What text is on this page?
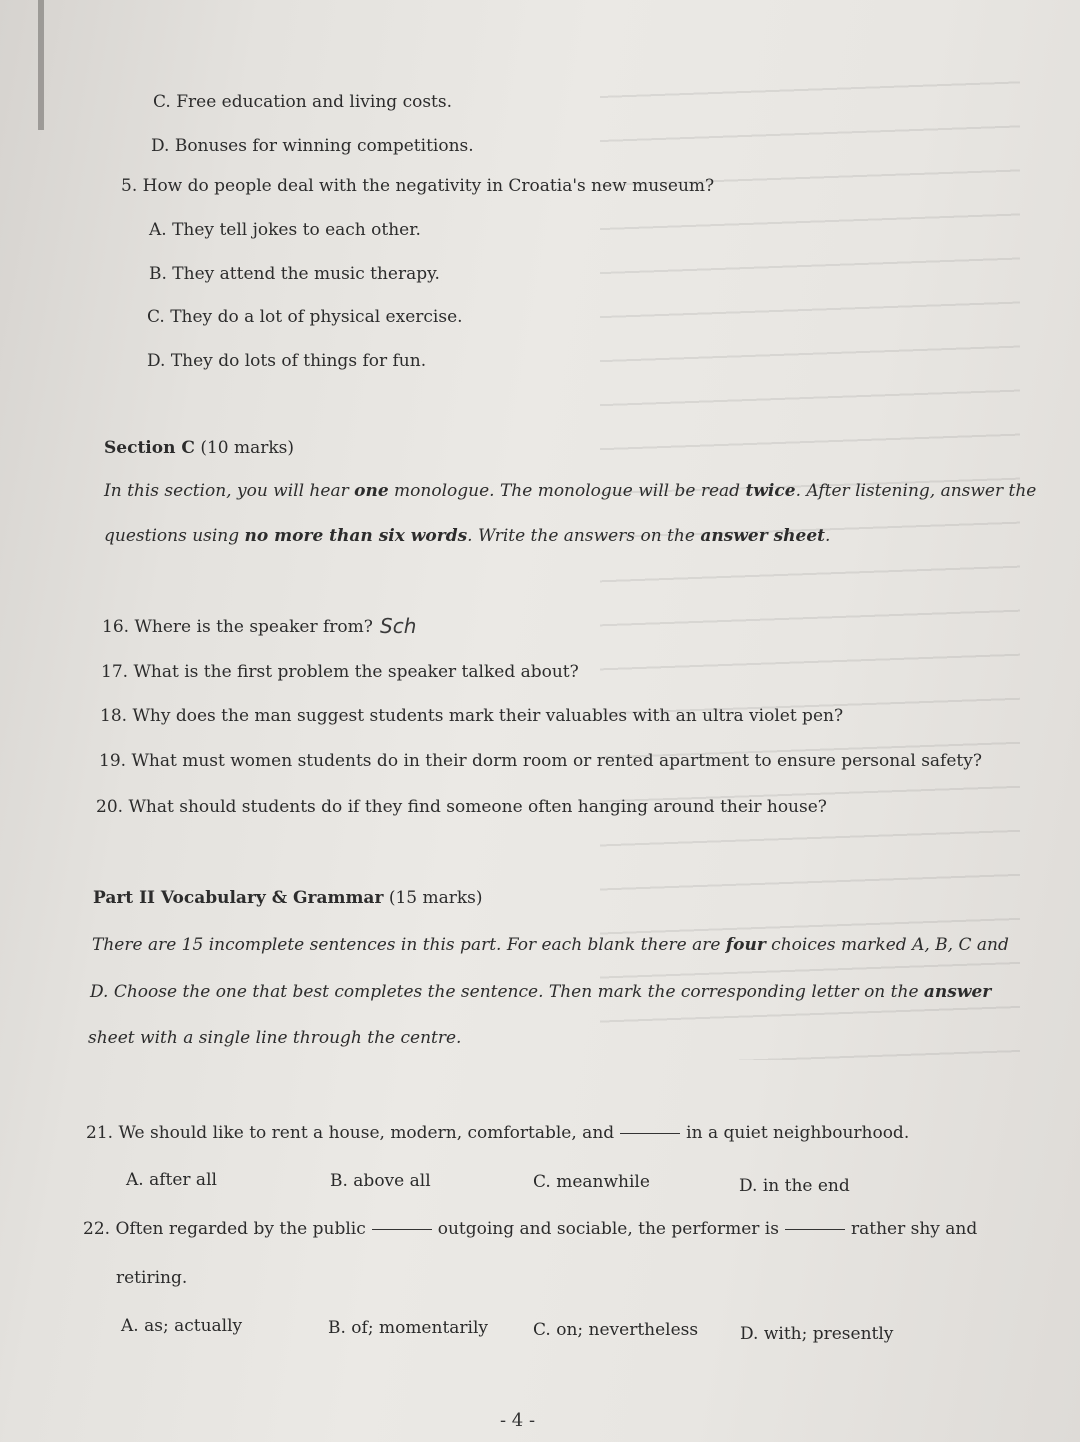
C. Free education and living costs.
D. Bonuses for winning competitions.
5. How do people deal with the negativity in Croatia's new museum?
A. They tell jokes to each other.
B. They attend the music therapy.
C. They do a lot of physical exercise.
D. They do lots of things for fun.
Section C (10 marks)
In this section, you will hear one monologue. The monologue will be read twice. After listening, answer the
questions using no more than six words. Write the answers on the answer sheet.
16. Where is the speaker from? Sch
17. What is the first problem the speaker talked about?
18. Why does the man suggest students mark their valuables with an ultra violet pen?
19. What must women students do in their dorm room or rented apartment to ensure personal safety?
20. What should students do if they find someone often hanging around their house?
Part II Vocabulary & Grammar (15 marks)
There are 15 incomplete sentences in this part. For each blank there are four choices marked A, B, C and
D. Choose the one that best completes the sentence. Then mark the corresponding letter on the answer
sheet with a single line through the centre.
21. We should like to rent a house, modern, comfortable, and	in a quiet neighbourhood.
A. after all	B. above all	C. meanwhile	D. in the end
22. Often regarded by the public	outgoing and sociable, the performer is	rather shy and
retiring.
A. as; actually	B. of; momentarily	C. on; nevertheless D. with; presently
- 4 -
